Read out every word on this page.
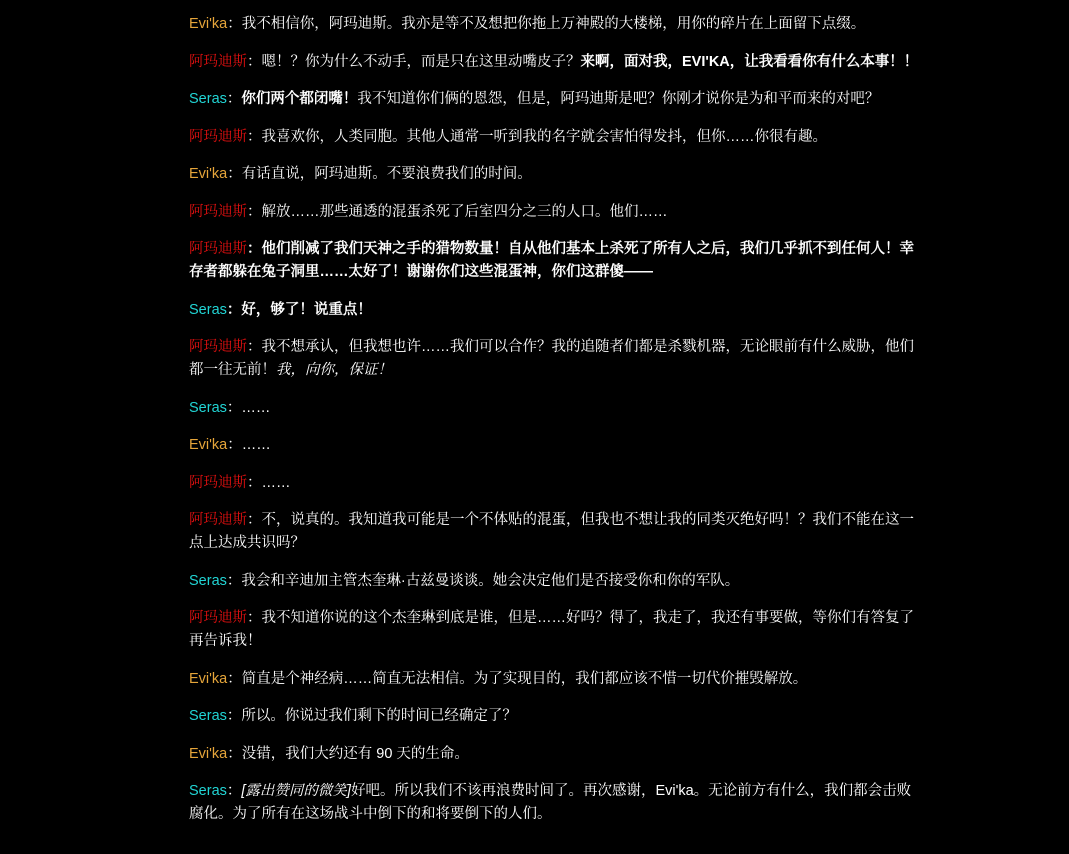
Evi'ka：我不相信你，阿玛迪斯。我亦是等不及想把你拖上万神殿的大楼梯，用你的碎片在上面留下点缀。

阿玛迪斯：嗯！？你为什么不动手，而是只在这里动嘴皮子？来啊，面对我，EVI'KA，让我看看你有什么本事！！

Seras：你们两个都闭嘴！我不知道你们俩的恩怨，但是，阿玛迪斯是吧？你刚才说你是为和平而来的对吧？

阿玛迪斯：我喜欢你，人类同胞。其他人通常一听到我的名字就会害怕得发抖，但你……你很有趣。

Evi'ka：有话直说，阿玛迪斯。不要浪费我们的时间。

阿玛迪斯：解放……那些通透的混蛋杀死了后室四分之三的人口。他们……

阿玛迪斯：他们削减了我们天神之手的猎物数量！自从他们基本上杀死了所有人之后，我们几乎抓不到任何人！幸存者都躲在兔子洞里……太好了！谢谢你们这些混蛋神，你们这群傻——

Seras：好，够了！说重点！

阿玛迪斯：我不想承认，但我想也许……我们可以合作？我的追随者们都是杀戮机器，无论眼前有什么威胁，他们都一往无前！我，向你，保证！

Seras：……

Evi'ka：……

阿玛迪斯：……

阿玛迪斯：不，说真的。我知道我可能是一个不体贴的混蛋，但我也不想让我的同类灭绝好吗！？我们不能在这一点上达成共识吗？

Seras：我会和辛迪加主管杰奎琳·古兹曼谈谈。她会决定他们是否接受你和你的军队。

阿玛迪斯：我不知道你说的这个杰奎琳到底是谁，但是……好吗？得了，我走了，我还有事要做，等你们有答复了再告诉我！

Evi'ka：简直是个神经病……简直无法相信。为了实现目的，我们都应该不惜一切代价摧毁解放。

Seras：所以。你说过我们剩下的时间已经确定了？

Evi'ka：没错，我们大约还有 90 天的生命。

Seras：[露出赞同的微笑]好吧。所以我们不该再浪费时间了。再次感谢，Evi'ka。无论前方有什么，我们都会击败腐化。为了所有在这场战斗中倒下的和将要倒下的人们。
